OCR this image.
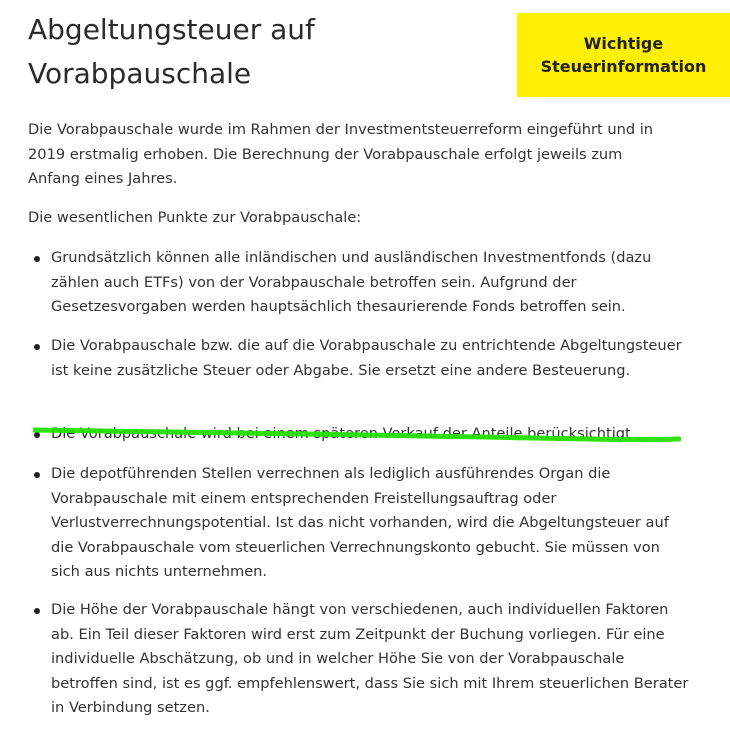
Abgeltungsteuer auf Vorabpauschale
Wichtige
Steuerinformation

Die Vorabpauschale wurde im Rahmen der Investmentsteuerreform eingeführt und in 2019 erstmalig erhoben. Die Berechnung der Vorabpauschale erfolgt jeweils zum Anfang eines Jahres.

Die wesentlichen Punkte zur Vorabpauschale:

Grundsätzlich können alle inländischen und ausländischen Investmentfonds (dazu zählen auch ETFs) von der Vorabpauschale betroffen sein. Aufgrund der Gesetzesvorgaben werden hauptsächlich thesaurierende Fonds betroffen sein.
Die Vorabpauschale bzw. die auf die Vorabpauschale zu entrichtende Abgeltungsteuer ist keine zusätzliche Steuer oder Abgabe. Sie ersetzt eine andere Besteuerung.
Die Vorabpauschale wird bei einem späteren Verkauf der Anteile berücksichtigt
Die depotführenden Stellen verrechnen als lediglich ausführendes Organ die Vorabpauschale mit einem entsprechenden Freistellungsauftrag oder Verlustverrechnungspotential. Ist das nicht vorhanden, wird die Abgeltungsteuer auf die Vorabpauschale vom steuerlichen Verrechnungskonto gebucht. Sie müssen von sich aus nichts unternehmen.
Die Höhe der Vorabpauschale hängt von verschiedenen, auch individuellen Faktoren ab. Ein Teil dieser Faktoren wird erst zum Zeitpunkt der Buchung vorliegen. Für eine individuelle Abschätzung, ob und in welcher Höhe Sie von der Vorabpauschale betroffen sind, ist es ggf. empfehlenswert, dass Sie sich mit Ihrem steuerlichen Berater in Verbindung setzen.
